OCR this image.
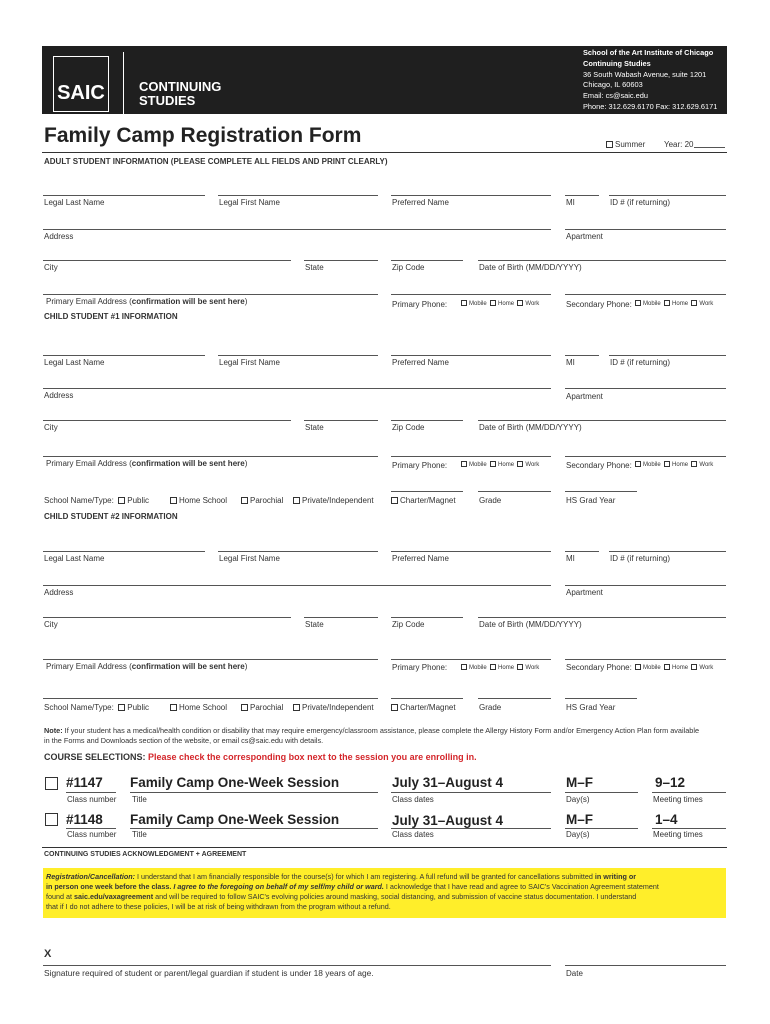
SAIC	CONTINUING
STUDIES
School of the Art Institute of Chicago
Continuing Studies
36 South Wabash Avenue, suite 1201
Chicago, IL 60603
Email: cs@saic.edu
Phone: 312.629.6170 Fax: 312.629.6171
Family Camp Registration Form	Summer Year: 20
ADULT STUDENT INFORMATION (PLEASE COMPLETE ALL FIELDS AND PRINT CLEARLY)
Legal Last Name	Legal First Name	Preferred Name	MI	ID # (if returning)
Address	Apartment
City	State	Zip Code	Date of Birth (MM/DD/YYYY)
Primary Email Address (confirmation will be sent here)	Primary Phone:	Mobile Home Work	Secondary Phone:	Mobile Home Work
CHILD STUDENT #1 INFORMATION
Legal Last Name	Legal First Name	Preferred Name	MI	ID # (if returning)
Address	Apartment
City	State	Zip Code	Date of Birth (MM/DD/YYYY)
Primary Email Address (confirmation will be sent here)	Primary Phone:	Mobile Home Work	Secondary Phone:	Mobile Home Work
School Name/Type: Public	Home School	Parochial	Private/Independent	Charter/Magnet	Grade	HS Grad Year
CHILD STUDENT #2 INFORMATION
Legal Last Name	Legal First Name	Preferred Name	MI	ID # (if returning)
Address	Apartment
City	State	Zip Code	Date of Birth (MM/DD/YYYY)
Primary Email Address (confirmation will be sent here)	Primary Phone:	Mobile Home Work	Secondary Phone:	Mobile Home Work
School Name/Type: Public	Home School	Parochial	Private/Independent	Charter/Magnet	Grade	HS Grad Year
Note: If your student has a medical/health condition or disability that may require emergency/classroom assistance, please complete the Allergy History Form and/or Emergency Action Plan form available
in the Forms and Downloads section of the website, or email cs@saic.edu with details.
COURSE SELECTIONS: Please check the corresponding box next to the session you are enrolling in.
#1147 Family Camp One-Week Session	July 31–August 4	M–F	9–12
Class number Title	Class dates	Day(s)	Meeting times
#1148 Family Camp One-Week Session	July 31–August 4	M–F	1–4
Class number Title	Class dates	Day(s)	Meeting times
CONTINUING STUDIES ACKNOWLEDGMENT + AGREEMENT
Registration/Cancellation: I understand that I am financially responsible for the course(s) for which I am registering. A full refund will be granted for cancellations submitted in writing or
in person one week before the class. I agree to the foregoing on behalf of my self/my child or ward. I acknowledge that I have read and agree to SAIC's Vaccination Agreement statement
found at saic.edu/vaxagreement and will be required to follow SAIC's evolving policies around masking, social distancing, and submission of vaccine status documentation. I understand
that if I do not adhere to these policies, I will be at risk of being withdrawn from the program without a refund.
X
Signature required of student or parent/legal guardian if student is under 18 years of age.	Date
